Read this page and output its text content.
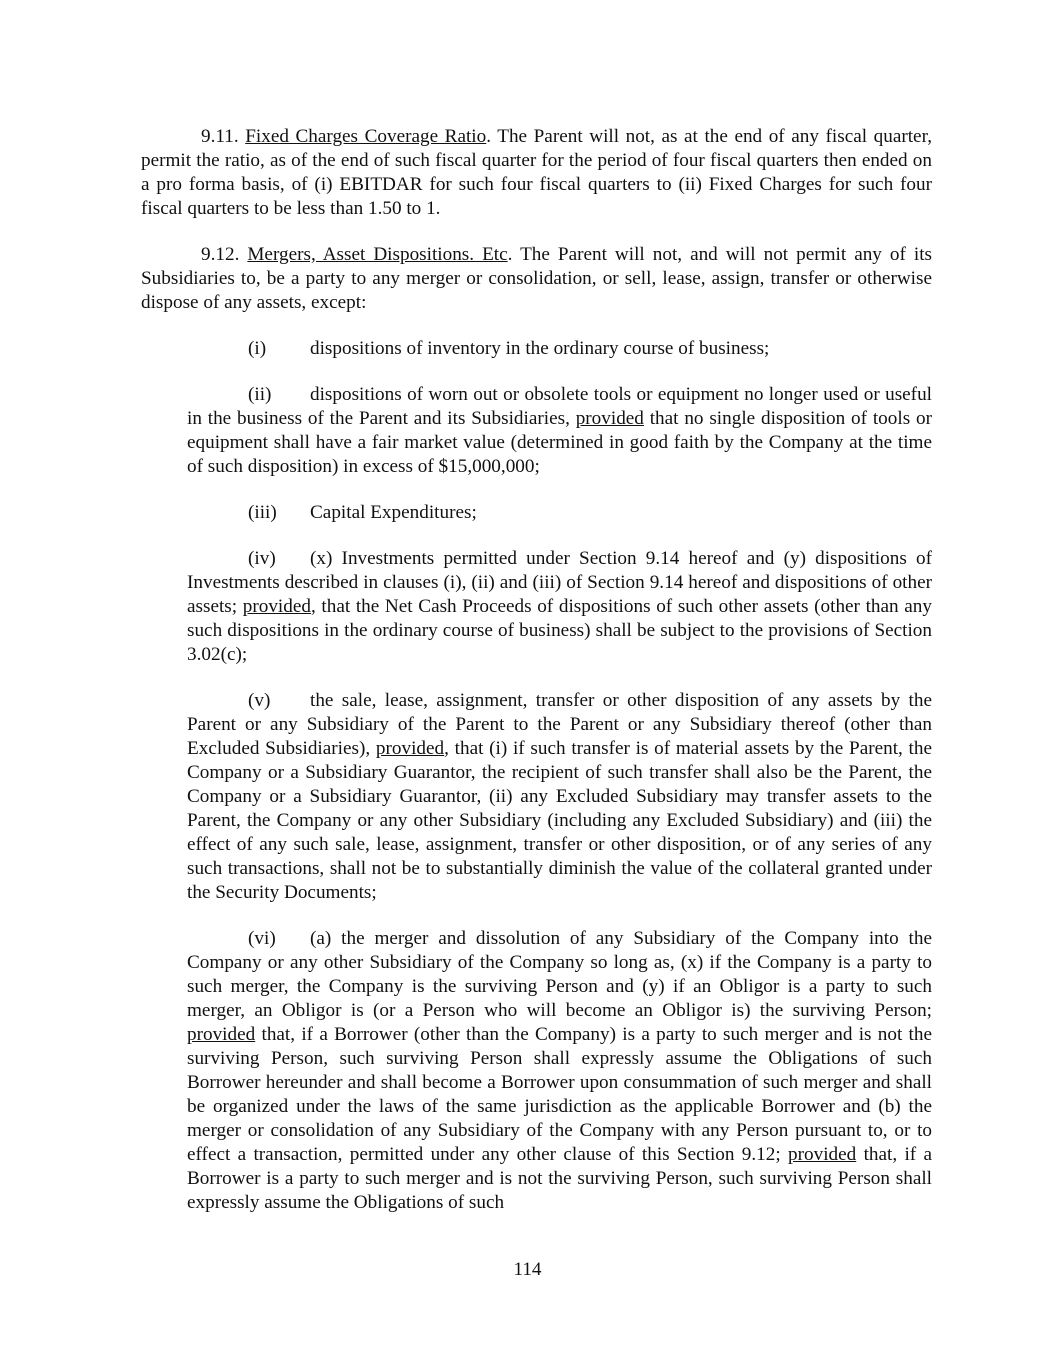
9.11. Fixed Charges Coverage Ratio. The Parent will not, as at the end of any fiscal quarter, permit the ratio, as of the end of such fiscal quarter for the period of four fiscal quarters then ended on a pro forma basis, of (i) EBITDAR for such four fiscal quarters to (ii) Fixed Charges for such four fiscal quarters to be less than 1.50 to 1.

9.12. Mergers, Asset Dispositions. Etc. The Parent will not, and will not permit any of its Subsidiaries to, be a party to any merger or consolidation, or sell, lease, assign, transfer or otherwise dispose of any assets, except:

(i) dispositions of inventory in the ordinary course of business;

(ii) dispositions of worn out or obsolete tools or equipment no longer used or useful in the business of the Parent and its Subsidiaries, provided that no single disposition of tools or equipment shall have a fair market value (determined in good faith by the Company at the time of such disposition) in excess of $15,000,000;

(iii) Capital Expenditures;

(iv) (x) Investments permitted under Section 9.14 hereof and (y) dispositions of Investments described in clauses (i), (ii) and (iii) of Section 9.14 hereof and dispositions of other assets; provided, that the Net Cash Proceeds of dispositions of such other assets (other than any such dispositions in the ordinary course of business) shall be subject to the provisions of Section 3.02(c);

(v) the sale, lease, assignment, transfer or other disposition of any assets by the Parent or any Subsidiary of the Parent to the Parent or any Subsidiary thereof (other than Excluded Subsidiaries), provided, that (i) if such transfer is of material assets by the Parent, the Company or a Subsidiary Guarantor, the recipient of such transfer shall also be the Parent, the Company or a Subsidiary Guarantor, (ii) any Excluded Subsidiary may transfer assets to the Parent, the Company or any other Subsidiary (including any Excluded Subsidiary) and (iii) the effect of any such sale, lease, assignment, transfer or other disposition, or of any series of any such transactions, shall not be to substantially diminish the value of the collateral granted under the Security Documents;

(vi) (a) the merger and dissolution of any Subsidiary of the Company into the Company or any other Subsidiary of the Company so long as, (x) if the Company is a party to such merger, the Company is the surviving Person and (y) if an Obligor is a party to such merger, an Obligor is (or a Person who will become an Obligor is) the surviving Person; provided that, if a Borrower (other than the Company) is a party to such merger and is not the surviving Person, such surviving Person shall expressly assume the Obligations of such Borrower hereunder and shall become a Borrower upon consummation of such merger and shall be organized under the laws of the same jurisdiction as the applicable Borrower and (b) the merger or consolidation of any Subsidiary of the Company with any Person pursuant to, or to effect a transaction, permitted under any other clause of this Section 9.12; provided that, if a Borrower is a party to such merger and is not the surviving Person, such surviving Person shall expressly assume the Obligations of such

114
